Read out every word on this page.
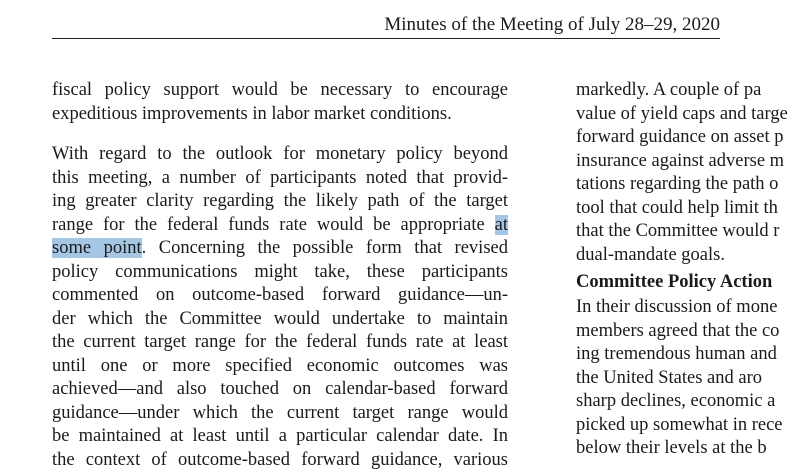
Minutes of the Meeting of July 28–29, 2020
fiscal policy support would be necessary to encourage
expeditious improvements in labor market conditions.
With regard to the outlook for monetary policy beyond
this meeting, a number of participants noted that provid-
ing greater clarity regarding the likely path of the target
range for the federal funds rate would be appropriate at
some point. Concerning the possible form that revised
policy communications might take, these participants
commented on outcome-based forward guidance—un-
der which the Committee would undertake to maintain
the current target range for the federal funds rate at least
until one or more specified economic outcomes was
achieved—and also touched on calendar-based forward
guidance—under which the current target range would
be maintained at least until a particular calendar date. In
the context of outcome-based forward guidance, various
markedly. A couple of pa
value of yield caps and targe
forward guidance on asset p
insurance against adverse m
tations regarding the path o
tool that could help limit th
that the Committee would r
dual-mandate goals.
Committee Policy Action
In their discussion of mone
members agreed that the co
ing tremendous human and
the United States and aro
sharp declines, economic a
picked up somewhat in rece
below their levels at the b
